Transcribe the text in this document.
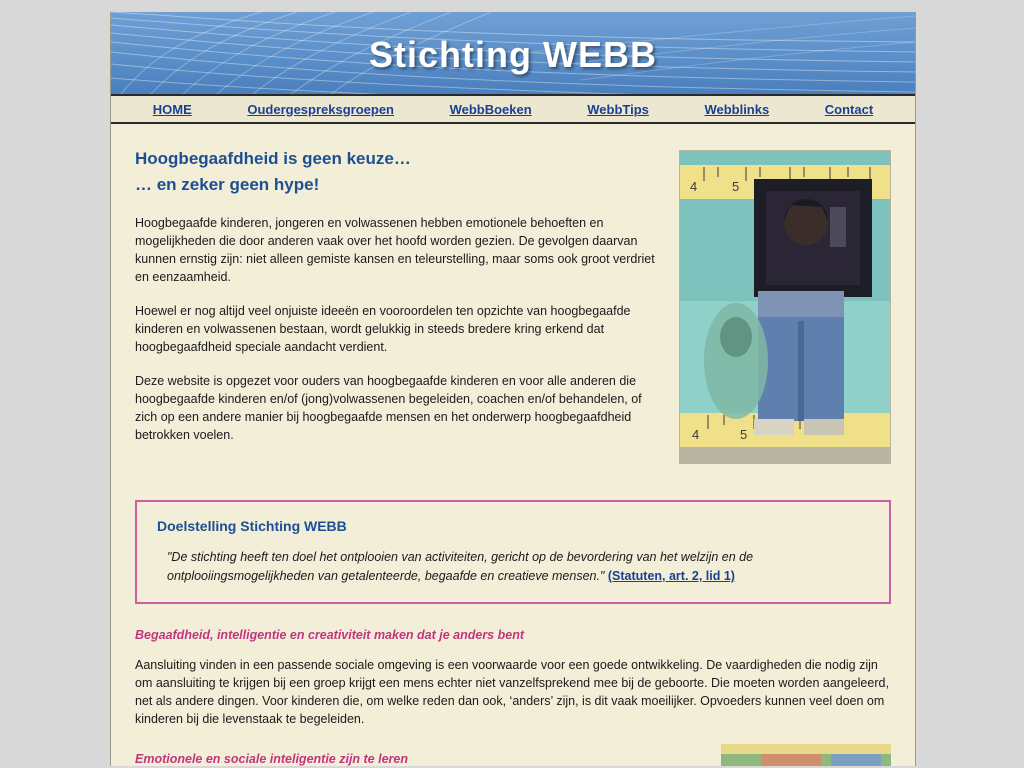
Stichting WEBB
HOME	Oudergespreksgroepen	WebbBoeken	WebbTips	Webblinks	Contact
4	5
4	5
Hoogbegaafdheid is geen keuze…
… en zeker geen hype!

Hoogbegaafde kinderen, jongeren en volwassenen hebben emotionele behoeften en mogelijkheden die door anderen vaak over het hoofd worden gezien. De gevolgen daarvan kunnen ernstig zijn: niet alleen gemiste kansen en teleurstelling, maar soms ook groot verdriet en eenzaamheid.

Hoewel er nog altijd veel onjuiste ideeën en vooroordelen ten opzichte van hoogbegaafde kinderen en volwassenen bestaan, wordt gelukkig in steeds bredere kring erkend dat hoogbegaafdheid speciale aandacht verdient.

Deze website is opgezet voor ouders van hoogbegaafde kinderen en voor alle anderen die hoogbegaafde kinderen en/of (jong)volwassenen begeleiden, coachen en/of behandelen, of zich op een andere manier bij hoogbegaafde mensen en het onderwerp hoogbegaafdheid betrokken voelen.

Doelstelling Stichting WEBB

"De stichting heeft ten doel het ontplooien van activiteiten, gericht op de bevordering van het welzijn en de ontplooiingsmogelijkheden van getalenteerde, begaafde en creatieve mensen." (Statuten, art. 2, lid 1)

Begaafdheid, intelligentie en creativiteit maken dat je anders bent

Aansluiting vinden in een passende sociale omgeving is een voorwaarde voor een goede ontwikkeling. De vaardigheden die nodig zijn om aansluiting te krijgen bij een groep krijgt een mens echter niet vanzelfsprekend mee bij de geboorte. Die moeten worden aangeleerd, net als andere dingen. Voor kinderen die, om welke reden dan ook, ‘anders’ zijn, is dit vaak moeilijker. Opvoeders kunnen veel doen om kinderen bij die levenstaak te begeleiden.

Emotionele en sociale inteligentie zijn te leren
